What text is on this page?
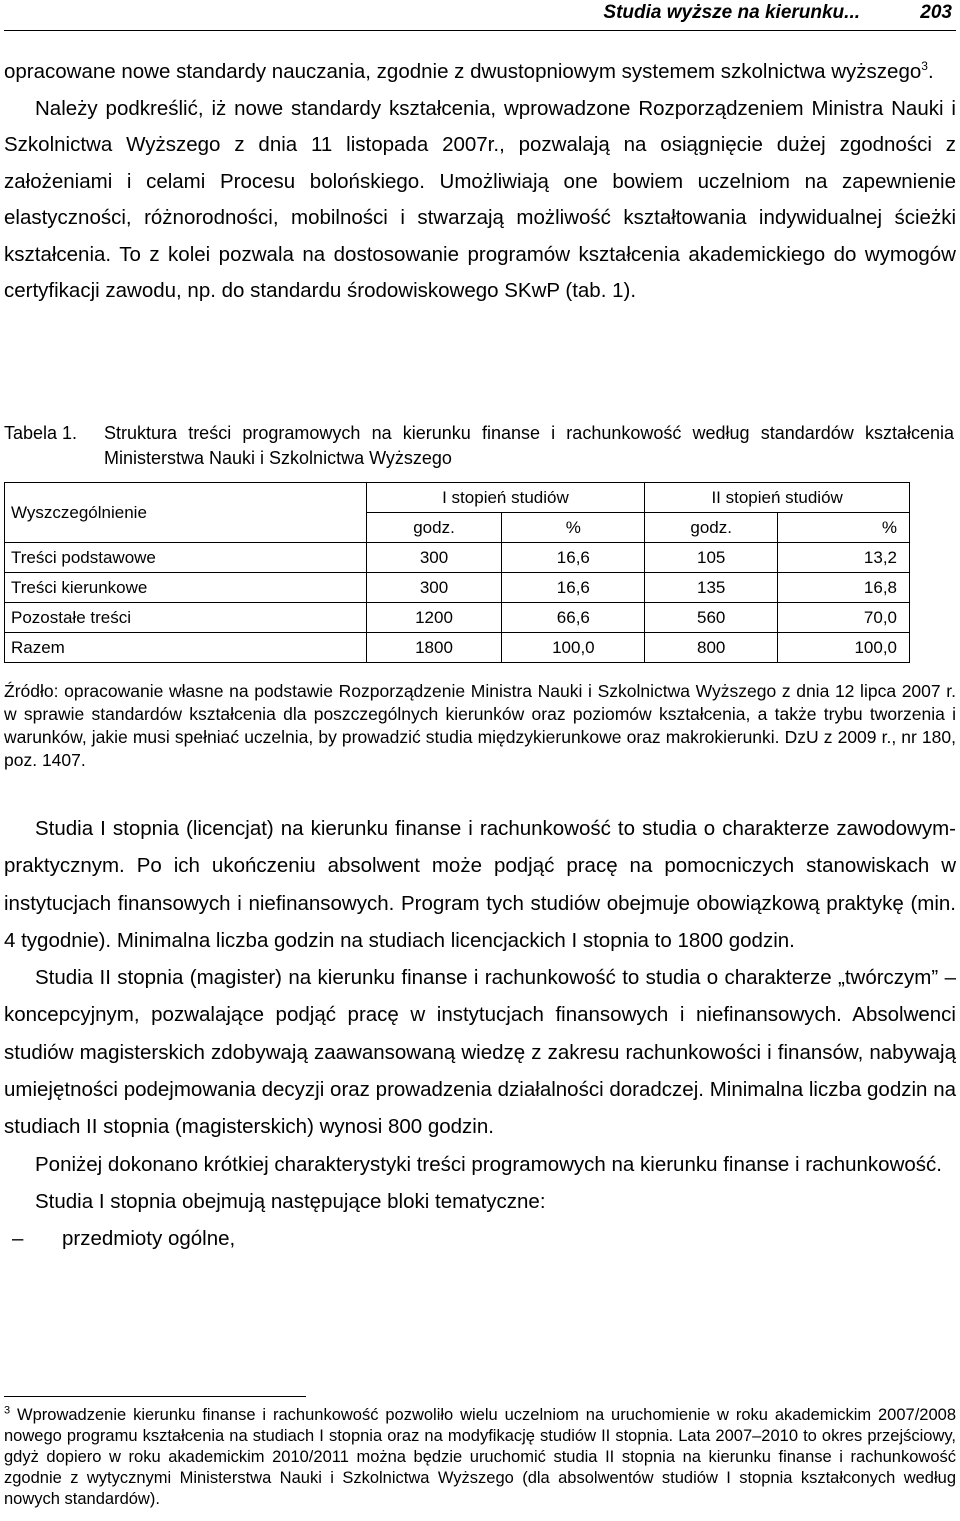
Studia wyższe na kierunku...	203
opracowane nowe standardy nauczania, zgodnie z dwustopniowym systemem szkolnictwa wyższego$^3$.

Należy podkreślić, iż nowe standardy kształcenia, wprowadzone Rozporządzeniem Ministra Nauki i Szkolnictwa Wyższego z dnia 11 listopada 2007r., pozwalają na osiągnięcie dużej zgodności z założeniami i celami Procesu bolońskiego. Umożliwiają one bowiem uczelniom na zapewnienie elastyczności, różnorodności, mobilności i stwarzają możliwość kształtowania indywidualnej ścieżki kształcenia. To z kolei pozwala na dostosowanie programów kształcenia akademickiego do wymogów certyfikacji zawodu, np. do standardu środowiskowego SKwP (tab. 1).
Tabela 1. Struktura treści programowych na kierunku finanse i rachunkowość według standardów kształcenia Ministerstwa Nauki i Szkolnictwa Wyższego
Wyszczególnienie	I stopień studiów		II stopień studiów	
	godz.	%	godz.	%
Treści podstawowe	300	16,6	105	13,2
Treści kierunkowe	300	16,6	135	16,8
Pozostałe treści	1200	66,6	560	70,0
Razem	1800	100,0	800	100,0
Źródło: opracowanie własne na podstawie Rozporządzenie Ministra Nauki i Szkolnictwa Wyższego z dnia 12 lipca 2007 r. w sprawie standardów kształcenia dla poszczególnych kierunków oraz poziomów kształcenia, a także trybu tworzenia i warunków, jakie musi spełniać uczelnia, by prowadzić studia międzykierunkowe oraz makrokierunki. DzU z 2009 r., nr 180, poz. 1407.

Studia I stopnia (licencjat) na kierunku finanse i rachunkowość to studia o charakterze zawodowym-praktycznym. Po ich ukończeniu absolwent może podjąć pracę na pomocniczych stanowiskach w instytucjach finansowych i niefinansowych. Program tych studiów obejmuje obowiązkową praktykę (min. 4 tygodnie). Minimalna liczba godzin na studiach licencjackich I stopnia to 1800 godzin.

Studia II stopnia (magister) na kierunku finanse i rachunkowość to studia o charakterze „twórczym” – koncepcyjnym, pozwalające podjąć pracę w instytucjach finansowych i niefinansowych. Absolwenci studiów magisterskich zdobywają zaawansowaną wiedzę z zakresu rachunkowości i finansów, nabywają umiejętności podejmowania decyzji oraz prowadzenia działalności doradczej. Minimalna liczba godzin na studiach II stopnia (magisterskich) wynosi 800 godzin.

Poniżej dokonano krótkiej charakterystyki treści programowych na kierunku finanse i rachunkowość.

Studia I stopnia obejmują następujące bloki tematyczne:

– przedmioty ogólne,

$^3$ Wprowadzenie kierunku finanse i rachunkowość pozwoliło wielu uczelniom na uruchomienie w roku akademickim 2007/2008 nowego programu kształcenia na studiach I stopnia oraz na modyfikację studiów II stopnia. Lata 2007–2010 to okres przejściowy, gdyż dopiero w roku akademickim 2010/2011 można będzie uruchomić studia II stopnia na kierunku finanse i rachunkowość zgodnie z wytycznymi Ministerstwa Nauki i Szkolnictwa Wyższego (dla absolwentów studiów I stopnia kształconych według nowych standardów).
